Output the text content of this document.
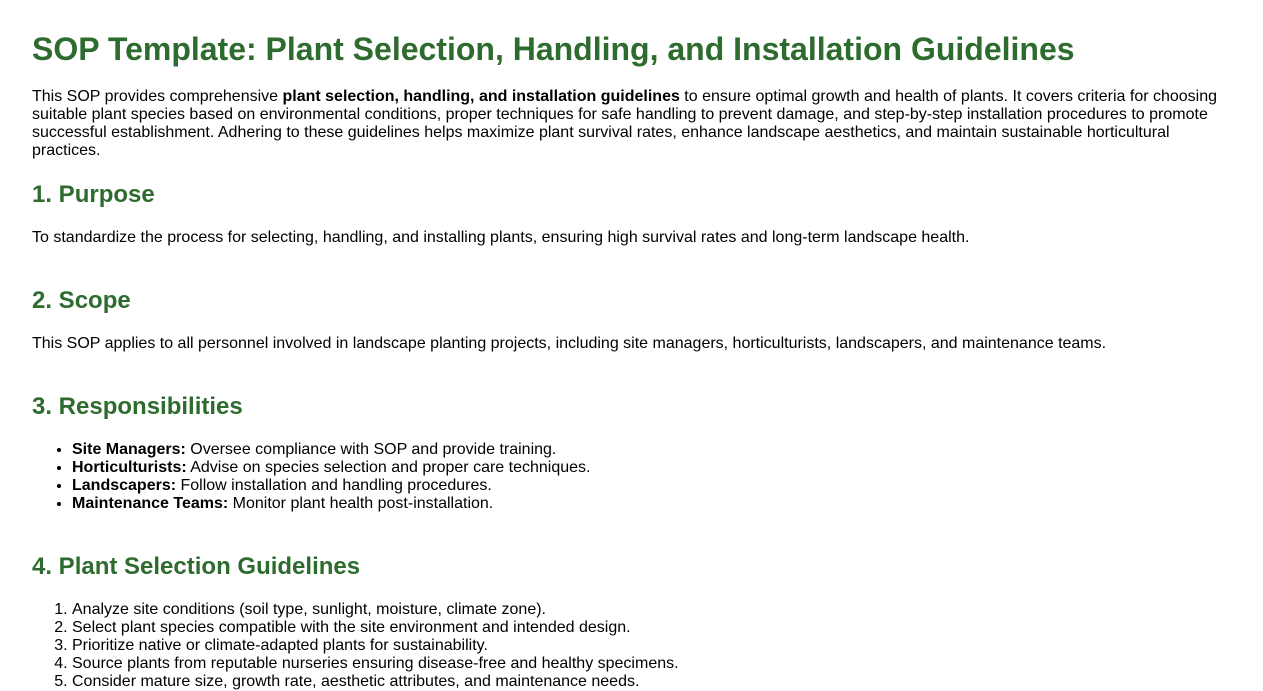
SOP Template: Plant Selection, Handling, and Installation Guidelines

This SOP provides comprehensive plant selection, handling, and installation guidelines to ensure optimal growth and health of plants. It covers criteria for choosing suitable plant species based on environmental conditions, proper techniques for safe handling to prevent damage, and step-by-step installation procedures to promote successful establishment. Adhering to these guidelines helps maximize plant survival rates, enhance landscape aesthetics, and maintain sustainable horticultural practices.

1. Purpose

To standardize the process for selecting, handling, and installing plants, ensuring high survival rates and long-term landscape health.

2. Scope

This SOP applies to all personnel involved in landscape planting projects, including site managers, horticulturists, landscapers, and maintenance teams.

3. Responsibilities
• Site Managers: Oversee compliance with SOP and provide training.
• Horticulturists: Advise on species selection and proper care techniques.
• Landscapers: Follow installation and handling procedures.
• Maintenance Teams: Monitor plant health post-installation.
4. Plant Selection Guidelines
1. Analyze site conditions (soil type, sunlight, moisture, climate zone).
2. Select plant species compatible with the site environment and intended design.
3. Prioritize native or climate-adapted plants for sustainability.
4. Source plants from reputable nurseries ensuring disease-free and healthy specimens.
5. Consider mature size, growth rate, aesthetic attributes, and maintenance needs.
